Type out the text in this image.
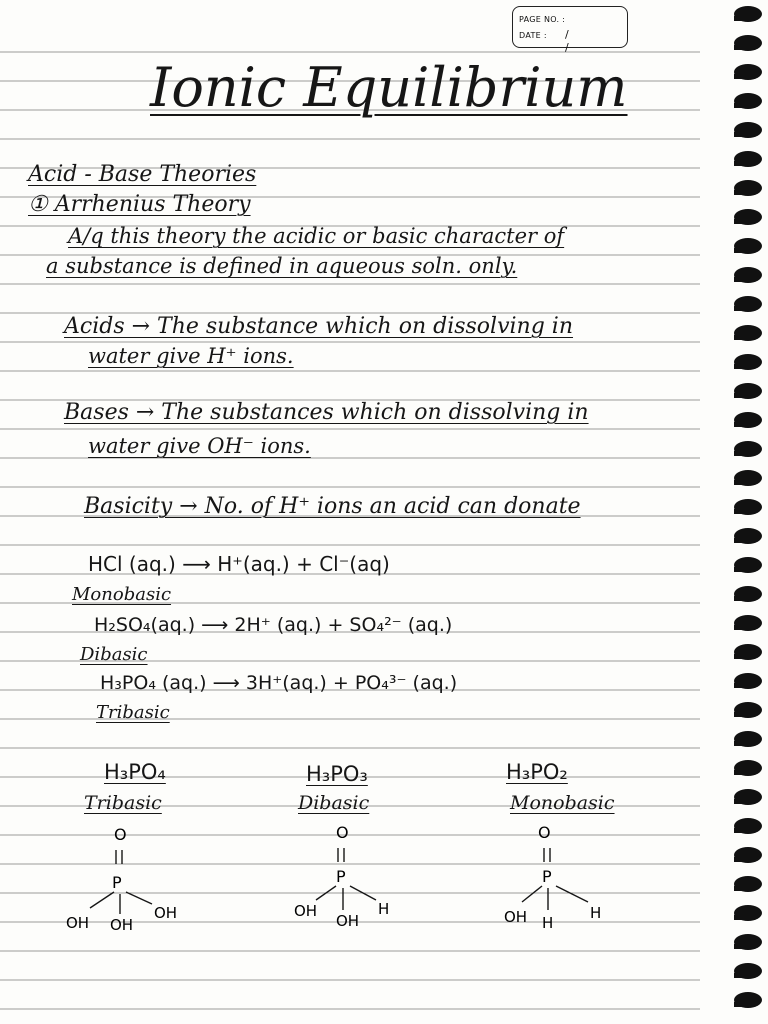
PAGE NO. :
DATE : / /
Ionic Equilibrium
Acid - Base Theories
① Arrhenius Theory
A/q this theory the acidic or basic character of
a substance is defined in aqueous soln. only.
Acids → The substance which on dissolving in
water give H⁺ ions.
Bases → The substances which on dissolving in
water give OH⁻ ions.
Basicity → No. of H⁺ ions an acid can donate
HCl (aq.) ⟶ H⁺(aq.) + Cl⁻(aq)
Monobasic
H₂SO₄(aq.) ⟶ 2H⁺ (aq.) + SO₄²⁻ (aq.)
Dibasic
H₃PO₄ (aq.) ⟶ 3H⁺(aq.) + PO₄³⁻ (aq.)
Tribasic
H₃PO₄
Tribasic
H₃PO₃
Dibasic
H₃PO₂
Monobasic
O
P
OH
OH
OH
O
P
OH	H
OH
O
P
OH	H
H
